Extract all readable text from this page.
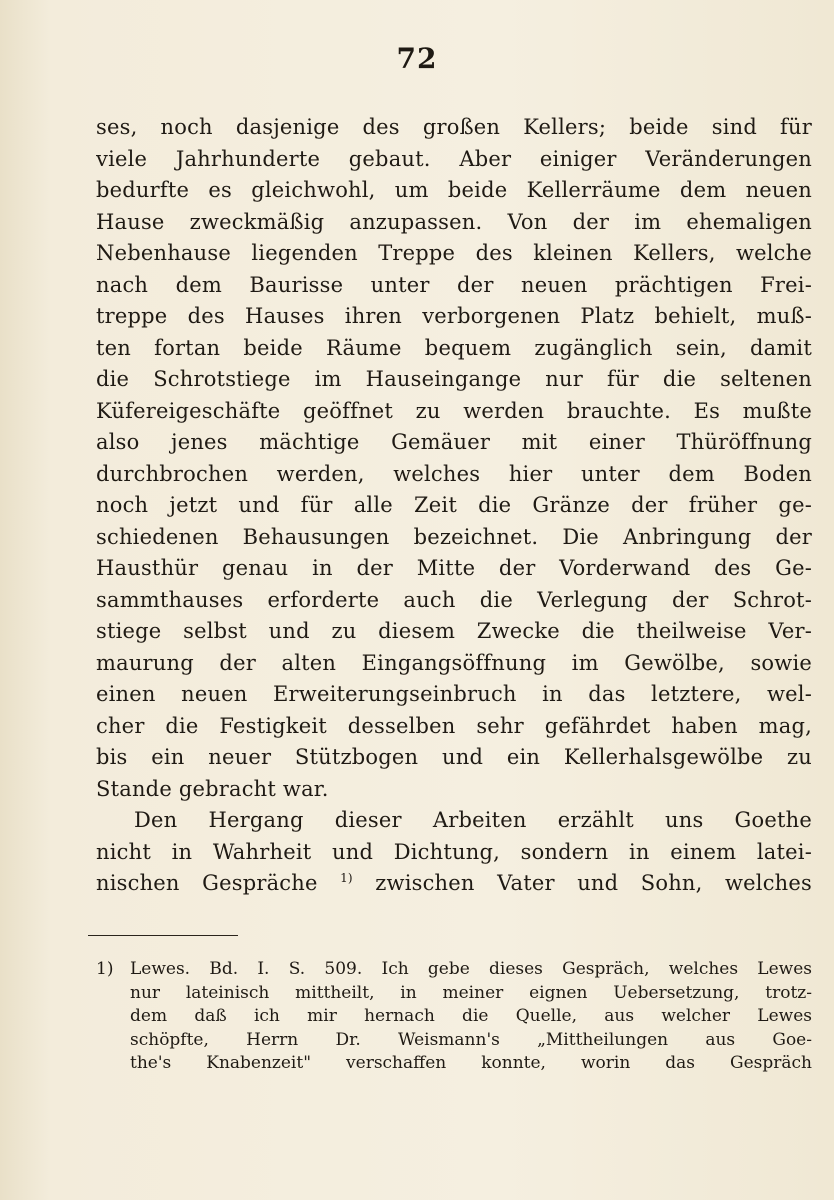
72
ses, noch dasjenige des großen Kellers; beide sind für
viele Jahrhunderte gebaut. Aber einiger Veränderungen
bedurfte es gleichwohl, um beide Kellerräume dem neuen
Hause zweckmäßig anzupassen. Von der im ehemaligen
Nebenhause liegenden Treppe des kleinen Kellers, welche
nach dem Baurisse unter der neuen prächtigen Frei-
treppe des Hauses ihren verborgenen Platz behielt, muß-
ten fortan beide Räume bequem zugänglich sein, damit
die Schrotstiege im Hauseingange nur für die seltenen
Küfereigeschäfte geöffnet zu werden brauchte. Es mußte
also jenes mächtige Gemäuer mit einer Thüröffnung
durchbrochen werden, welches hier unter dem Boden
noch jetzt und für alle Zeit die Gränze der früher ge-
schiedenen Behausungen bezeichnet. Die Anbringung der
Hausthür genau in der Mitte der Vorderwand des Ge-
sammthauses erforderte auch die Verlegung der Schrot-
stiege selbst und zu diesem Zwecke die theilweise Ver-
maurung der alten Eingangsöffnung im Gewölbe, sowie
einen neuen Erweiterungseinbruch in das letztere, wel-
cher die Festigkeit desselben sehr gefährdet haben mag,
bis ein neuer Stützbogen und ein Kellerhalsgewölbe zu
Stande gebracht war.
Den Hergang dieser Arbeiten erzählt uns Goethe
nicht in Wahrheit und Dichtung, sondern in einem latei-
nischen Gespräche $^{1)}$ zwischen Vater und Sohn, welches
1) Lewes. Bd. I. S. 509. Ich gebe dieses Gespräch, welches Lewes
nur lateinisch mittheilt, in meiner eignen Uebersetzung, trotz-
dem daß ich mir hernach die Quelle, aus welcher Lewes
schöpfte, Herrn Dr. Weismann's „Mittheilungen aus Goe-
the's Knabenzeit" verschaffen konnte, worin das Gespräch
